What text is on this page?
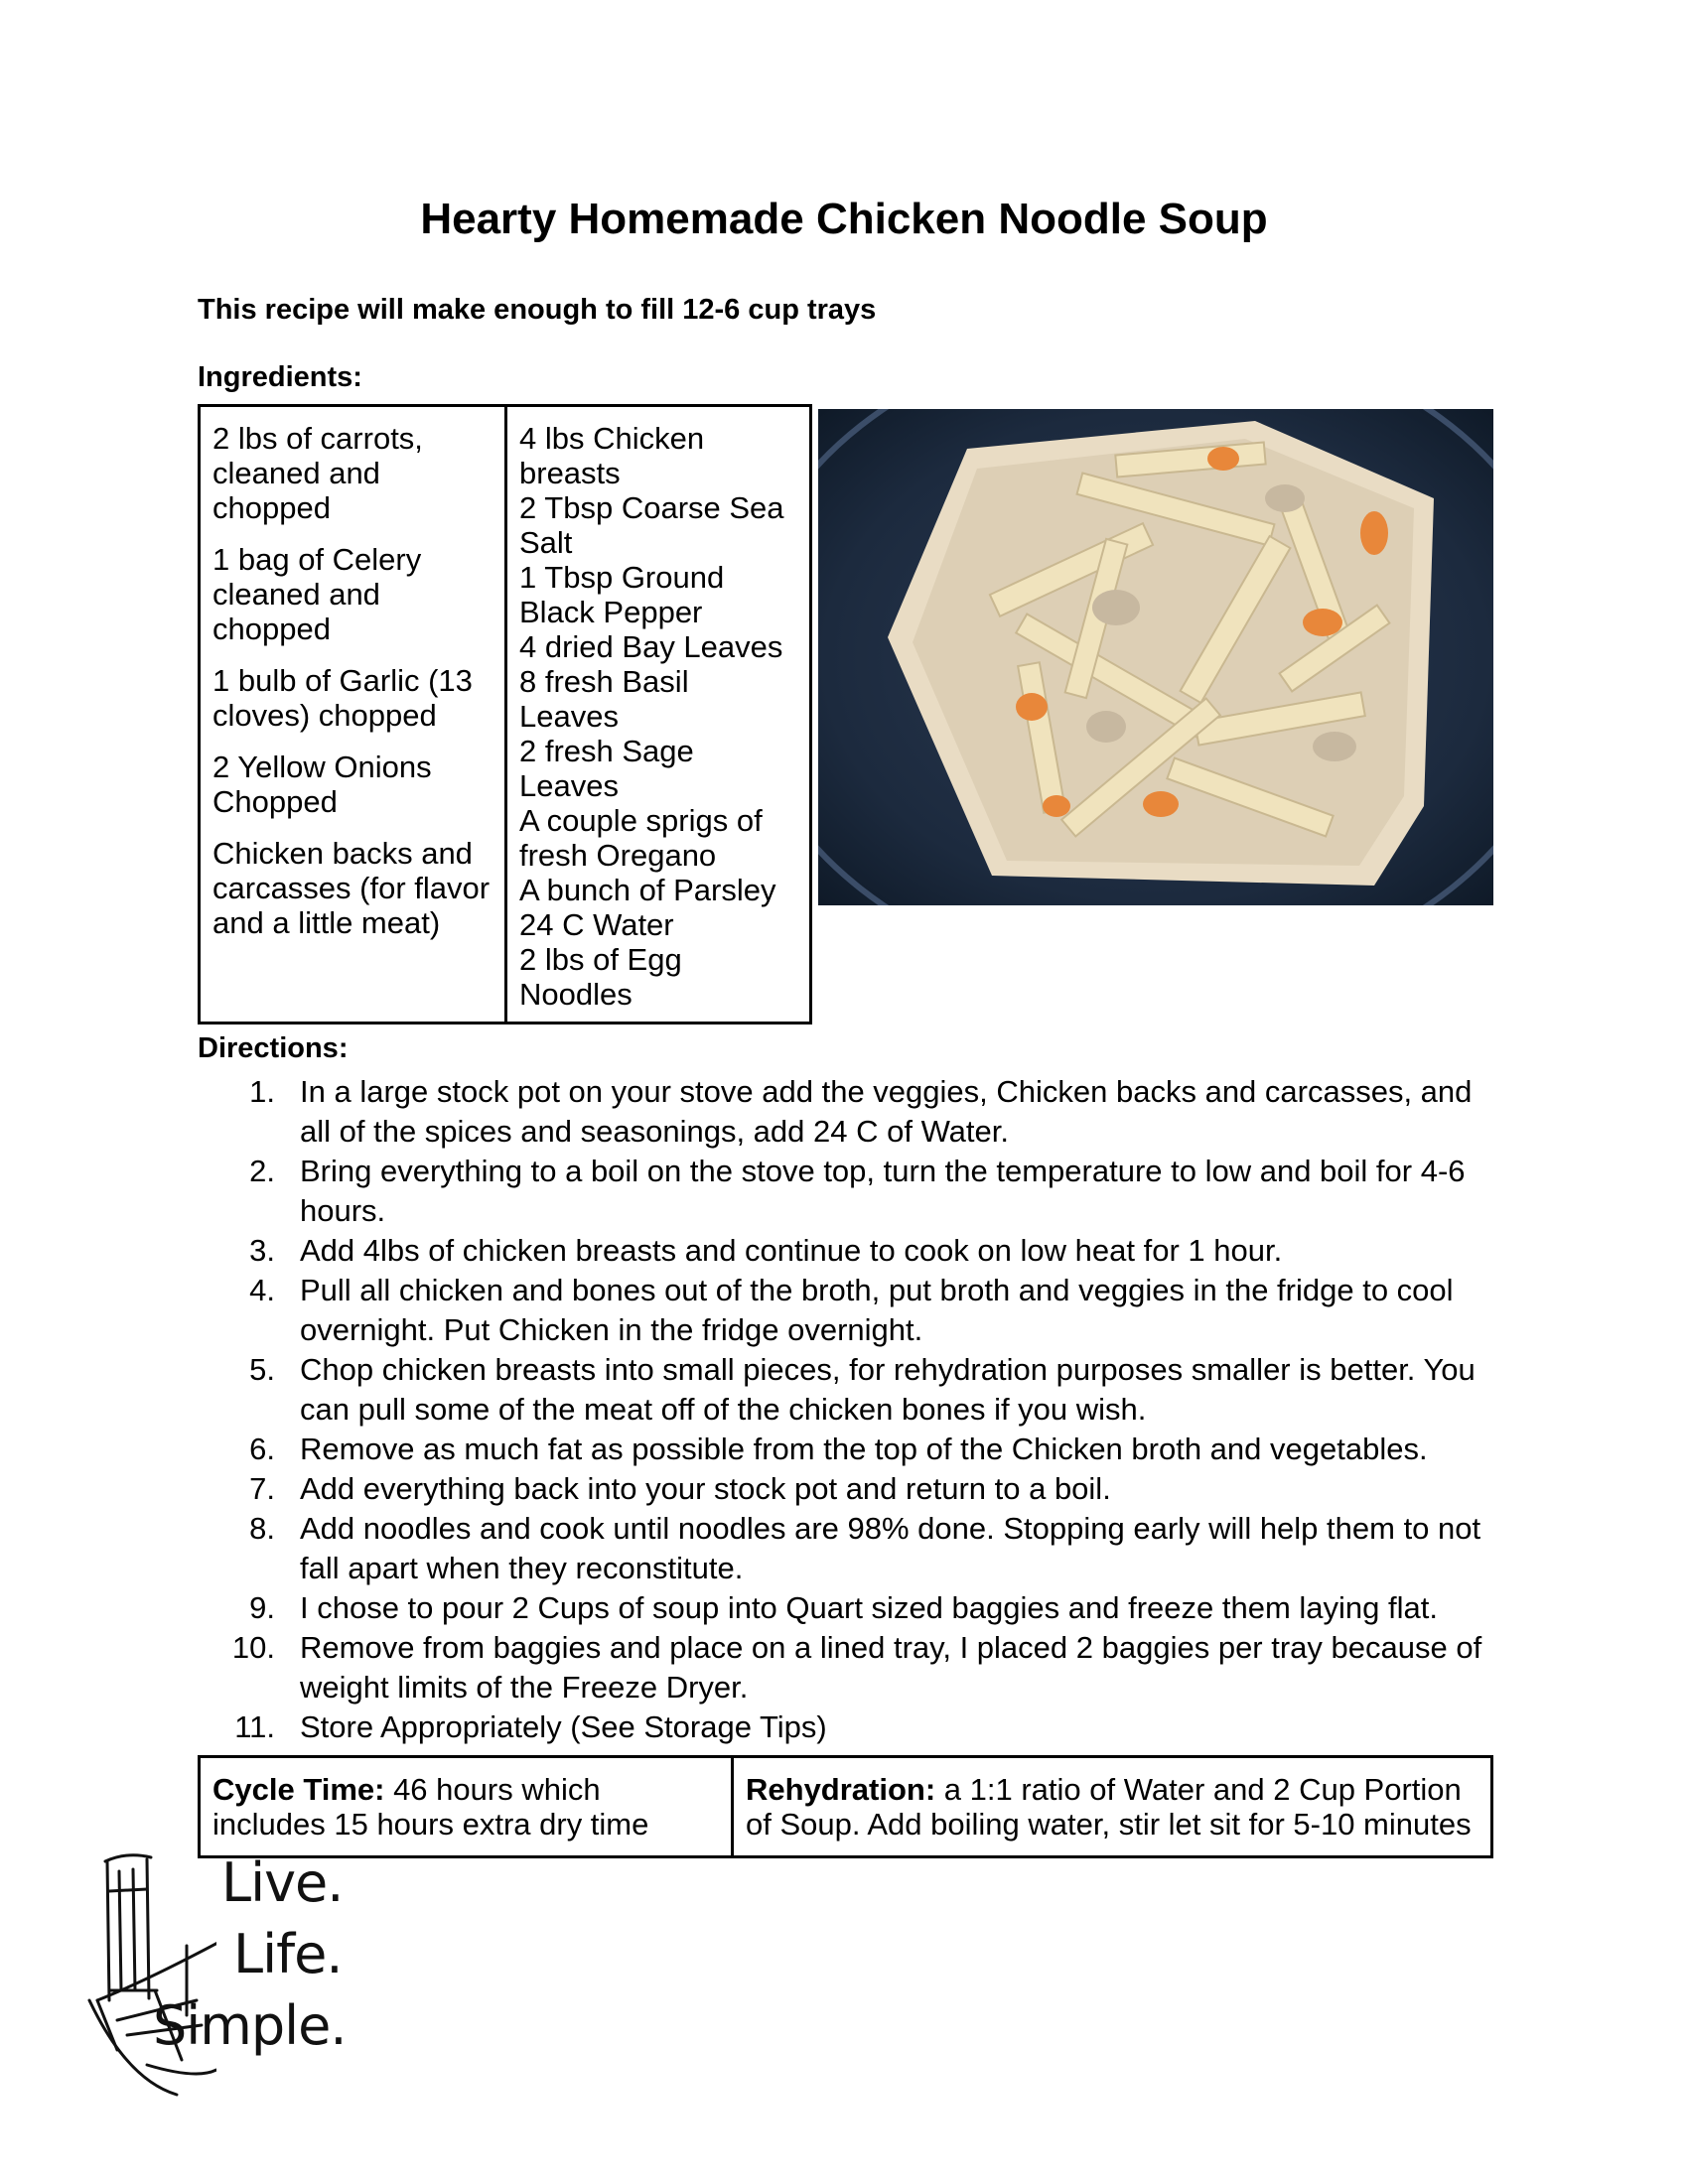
Hearty Homemade Chicken Noodle Soup
This recipe will make enough to fill 12-6 cup trays
Ingredients:
2 lbs of carrots,
cleaned and
chopped
1 bag of Celery
cleaned and
chopped
1 bulb of Garlic (13
cloves) chopped
2 Yellow Onions
Chopped
Chicken backs and
carcasses (for flavor
and a little meat)

4 lbs Chicken
breasts
2 Tbsp Coarse Sea
Salt
1 Tbsp Ground
Black Pepper
4 dried Bay Leaves
8 fresh Basil
Leaves
2 fresh Sage
Leaves
A couple sprigs of
fresh Oregano
A bunch of Parsley
24 C Water
2 lbs of Egg
Noodles
Directions:
1. In a large stock pot on your stove add the veggies, Chicken backs and carcasses, and all of the spices and seasonings, add 24 C of Water.
2. Bring everything to a boil on the stove top, turn the temperature to low and boil for 4-6 hours.
3. Add 4lbs of chicken breasts and continue to cook on low heat for 1 hour.
4. Pull all chicken and bones out of the broth, put broth and veggies in the fridge to cool overnight. Put Chicken in the fridge overnight.
5. Chop chicken breasts into small pieces, for rehydration purposes smaller is better. You can pull some of the meat off of the chicken bones if you wish.
6. Remove as much fat as possible from the top of the Chicken broth and vegetables.
7. Add everything back into your stock pot and return to a boil.
8. Add noodles and cook until noodles are 98% done. Stopping early will help them to not fall apart when they reconstitute.
9. I chose to pour 2 Cups of soup into Quart sized baggies and freeze them laying flat.
10. Remove from baggies and place on a lined tray, I placed 2 baggies per tray because of weight limits of the Freeze Dryer.
11. Store Appropriately (See Storage Tips)
Cycle Time: 46 hours which includes 15 hours extra dry time	Rehydration: a 1:1 ratio of Water and 2 Cup Portion of Soup. Add boiling water, stir let sit for 5-10 minutes
Live.
Life.
Simple.
